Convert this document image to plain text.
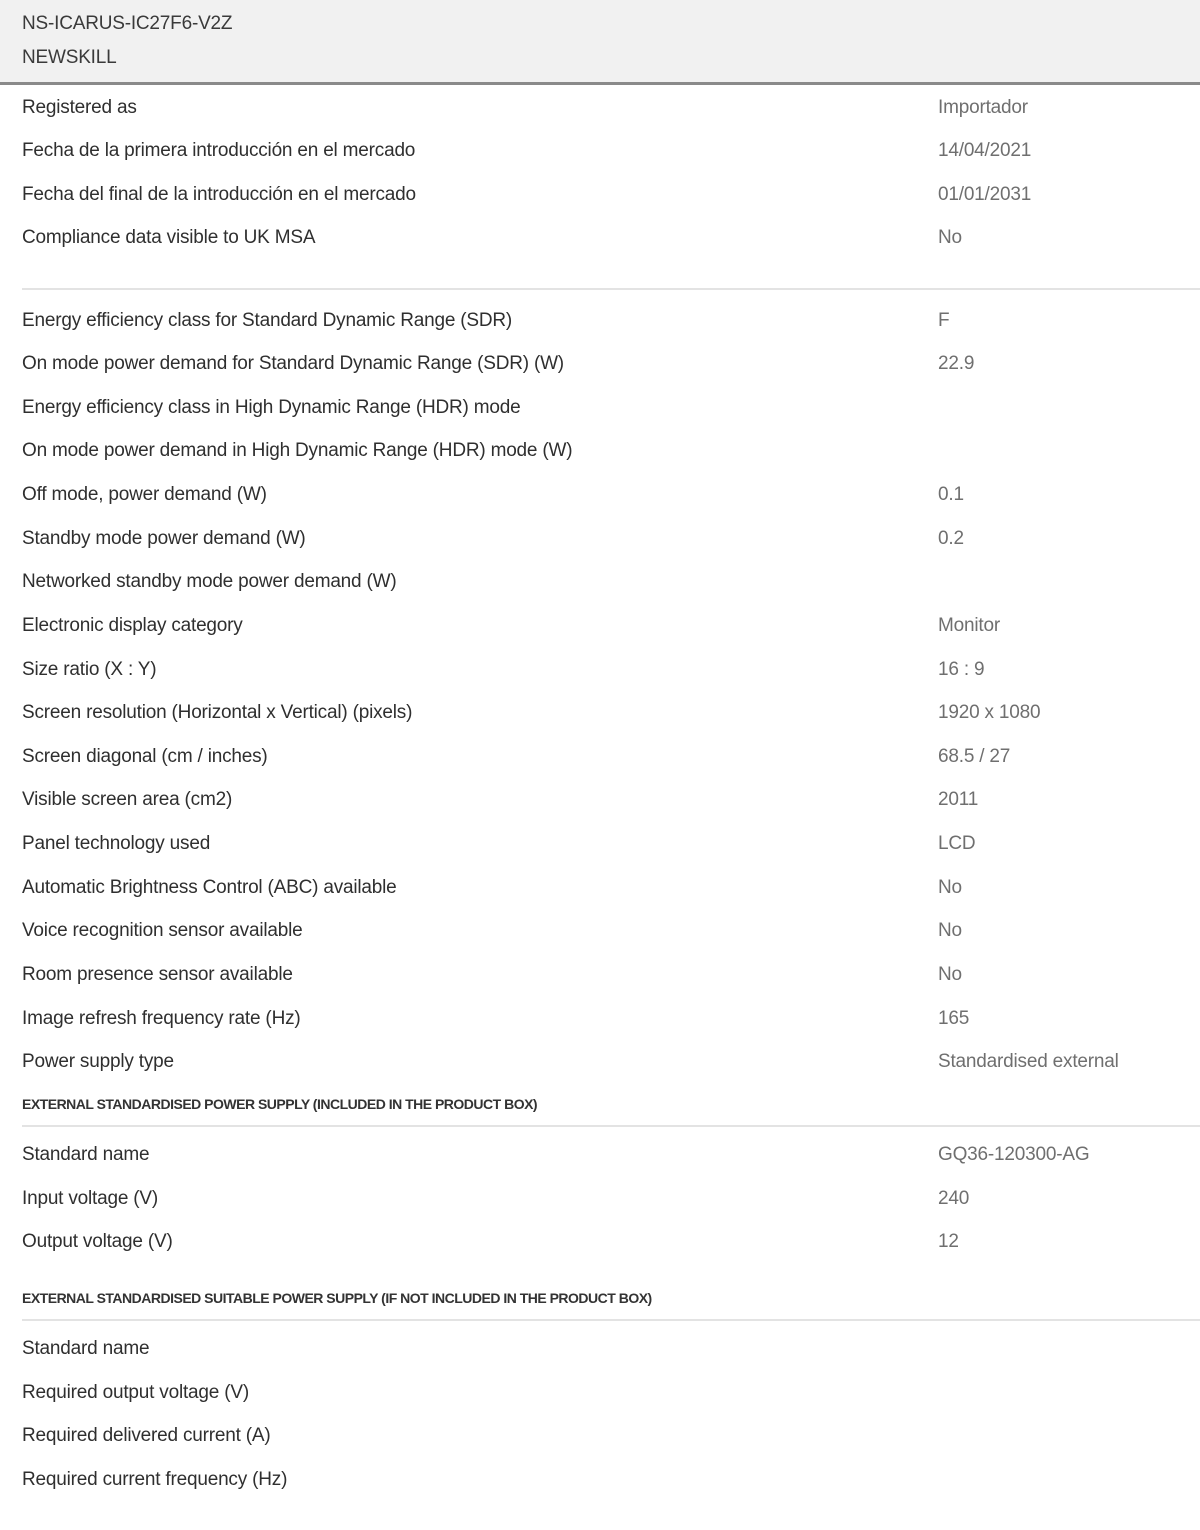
NS-ICARUS-IC27F6-V2Z
NEWSKILL
Registered as	Importador
Fecha de la primera introducción en el mercado	14/04/2021
Fecha del final de la introducción en el mercado	01/01/2031
Compliance data visible to UK MSA	No
Energy efficiency class for Standard Dynamic Range (SDR)	F
On mode power demand for Standard Dynamic Range (SDR) (W)	22.9
Energy efficiency class in High Dynamic Range (HDR) mode
On mode power demand in High Dynamic Range (HDR) mode (W)
Off mode, power demand (W)	0.1
Standby mode power demand (W)	0.2
Networked standby mode power demand (W)
Electronic display category	Monitor
Size ratio (X : Y)	16 : 9
Screen resolution (Horizontal x Vertical) (pixels)	1920 x 1080
Screen diagonal (cm / inches)	68.5 / 27
Visible screen area (cm2)	2011
Panel technology used	LCD
Automatic Brightness Control (ABC) available	No
Voice recognition sensor available	No
Room presence sensor available	No
Image refresh frequency rate (Hz)	165
Power supply type	Standardised external
EXTERNAL STANDARDISED POWER SUPPLY (INCLUDED IN THE PRODUCT BOX)
Standard name	GQ36-120300-AG
Input voltage (V)	240
Output voltage (V)	12
EXTERNAL STANDARDISED SUITABLE POWER SUPPLY (IF NOT INCLUDED IN THE PRODUCT BOX)
Standard name
Required output voltage (V)
Required delivered current (A)
Required current frequency (Hz)
